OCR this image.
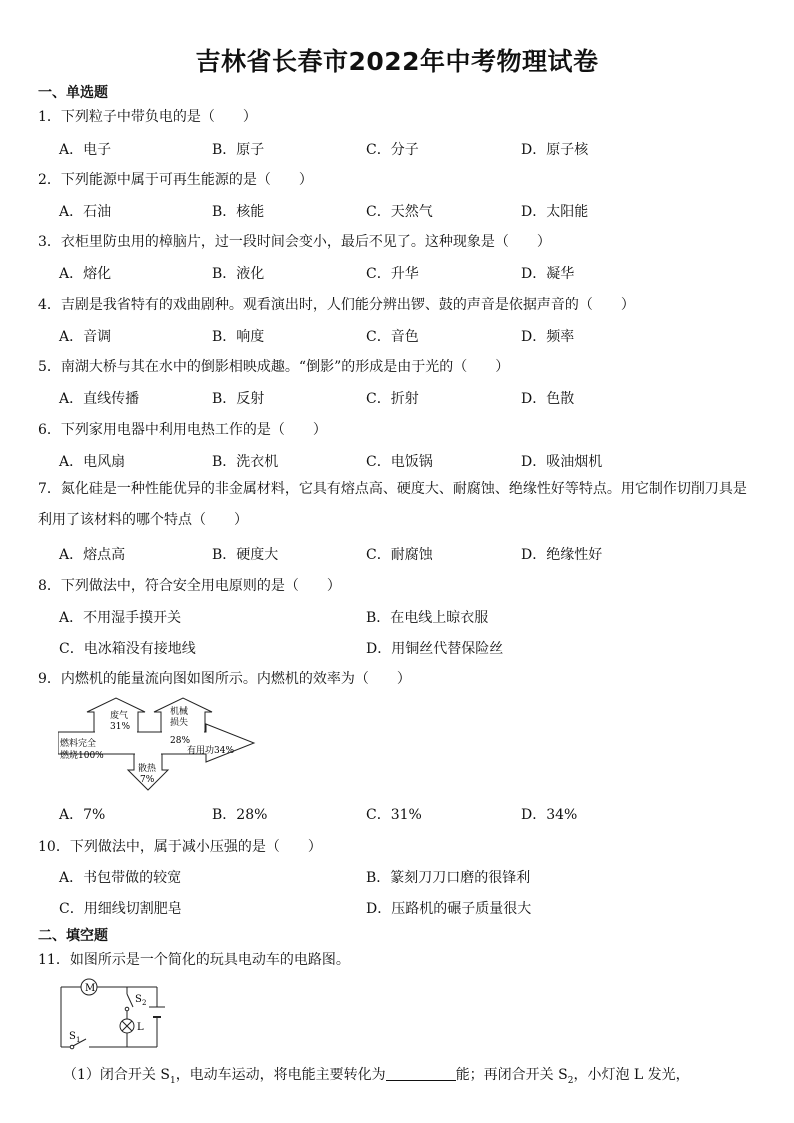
吉林省长春市2022年中考物理试卷
一、单选题
1．下列粒子中带负电的是（　　）
A．电子	B．原子	C．分子	D．原子核
2．下列能源中属于可再生能源的是（　　）
A．石油	B．核能	C．天然气	D．太阳能
3．衣柜里防虫用的樟脑片，过一段时间会变小，最后不见了。这种现象是（　　）
A．熔化	B．液化	C．升华	D．凝华
4．吉剧是我省特有的戏曲剧种。观看演出时，人们能分辨出锣、鼓的声音是依据声音的（　　）
A．音调	B．响度	C．音色	D．频率
5．南湖大桥与其在水中的倒影相映成趣。“倒影”的形成是由于光的（　　）
A．直线传播	B．反射	C．折射	D．色散
6．下列家用电器中利用电热工作的是（　　）
A．电风扇	B．洗衣机	C．电饭锅	D．吸油烟机
7．氮化硅是一种性能优异的非金属材料，它具有熔点高、硬度大、耐腐蚀、绝缘性好等特点。用它制作切削刀具是利用了该材料的哪个特点（　　）
A．熔点高	B．硬度大	C．耐腐蚀	D．绝缘性好
8．下列做法中，符合安全用电原则的是（　　）
A．不用湿手摸开关	B．在电线上晾衣服
C．电冰箱没有接地线	D．用铜丝代替保险丝
9．内燃机的能量流向图如图所示。内燃机的效率为（　　）
燃料完全
燃烧100%
废气
31%
机械
损失
28%
有用功34%
散热
7%
A．7%	B．28%	C．31%	D．34%
10．下列做法中，属于减小压强的是（　　）
A．书包带做的较宽	B．篆刻刀刀口磨的很锋利
C．用细线切割肥皂	D．压路机的碾子质量很大
二、填空题
11．如图所示是一个简化的玩具电动车的电路图。
M
S 2
L
S 1
（1）闭合开关 $S_1$，电动车运动，将电能主要转化为	能；再闭合开关 $S_2$，小灯泡 L 发光，
